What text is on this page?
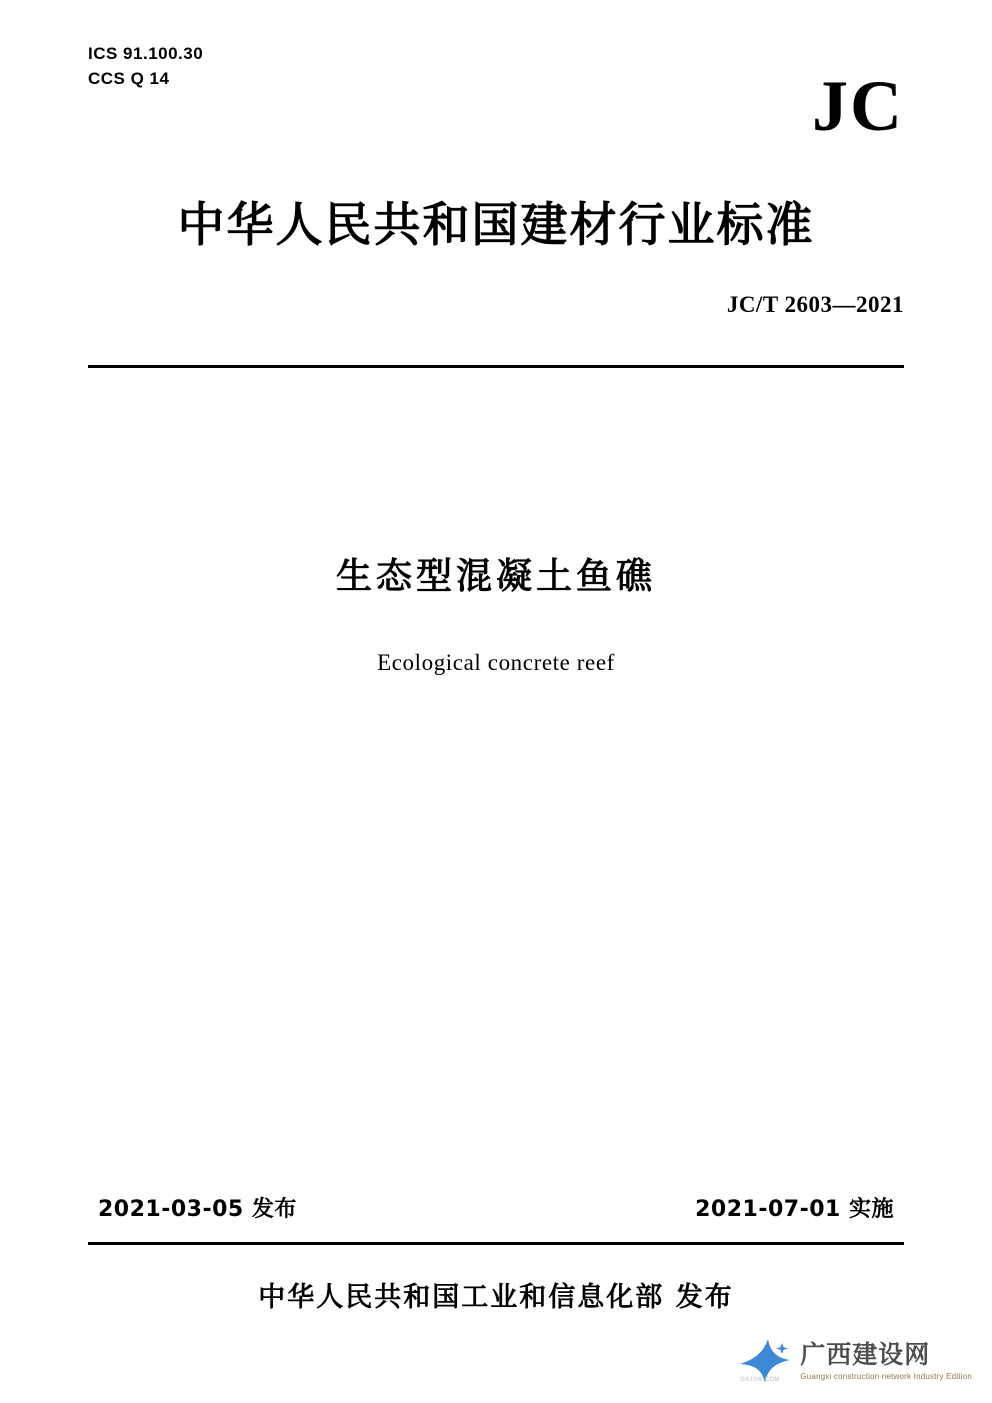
ICS 91.100.30
CCS Q 14	JC
中华人民共和国建材行业标准
JC/T 2603—2021
生态型混凝土鱼礁
Ecological concrete reef
2021-03-05 发布	2021-07-01 实施
中华人民共和国工业和信息化部 发布
GXJSW.COM
广西建设网
Guangxi construction network Industry Edition
